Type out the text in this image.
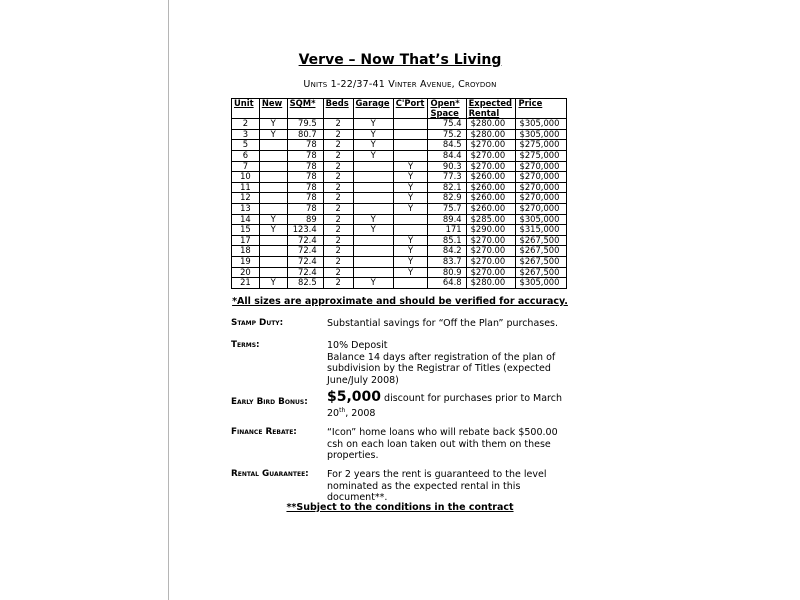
Verve – Now That’s Living
Units 1-22/37-41 Vinter Avenue, Croydon
Unit	New	SQM*	Beds	Garage	C'Port	Open* Space	Expected Rental	Price
2	Y	79.5	2	Y		75.4	$280.00	$305,000
3	Y	80.7	2	Y		75.2	$280.00	$305,000
5		78	2	Y		84.5	$270.00	$275,000
6		78	2	Y		84.4	$270.00	$275,000
7		78	2		Y	90.3	$270.00	$270,000
10		78	2		Y	77.3	$260.00	$270,000
11		78	2		Y	82.1	$260.00	$270,000
12		78	2		Y	82.9	$260.00	$270,000
13		78	2		Y	75.7	$260.00	$270,000
14	Y	89	2	Y		89.4	$285.00	$305,000
15	Y	123.4	2	Y		171	$290.00	$315,000
17		72.4	2		Y	85.1	$270.00	$267,500
18		72.4	2		Y	84.2	$270.00	$267,500
19		72.4	2		Y	83.7	$270.00	$267,500
20		72.4	2		Y	80.9	$270.00	$267,500
21	Y	82.5	2	Y		64.8	$280.00	$305,000
*All sizes are approximate and should be verified for accuracy.
Stamp Duty:	Substantial savings for “Off the Plan” purchases.
Terms:	10% Deposit
Balance 14 days after registration of the plan of subdivision by the Registrar of Titles (expected June/July 2008)
Early Bird Bonus:	$5,000 discount for purchases prior to March 20th, 2008
Finance Rebate:	“Icon” home loans who will rebate back $500.00 csh on each loan taken out with them on these properties.
Rental Guarantee:	For 2 years the rent is guaranteed to the level nominated as the expected rental in this document**.
**Subject to the conditions in the contract
